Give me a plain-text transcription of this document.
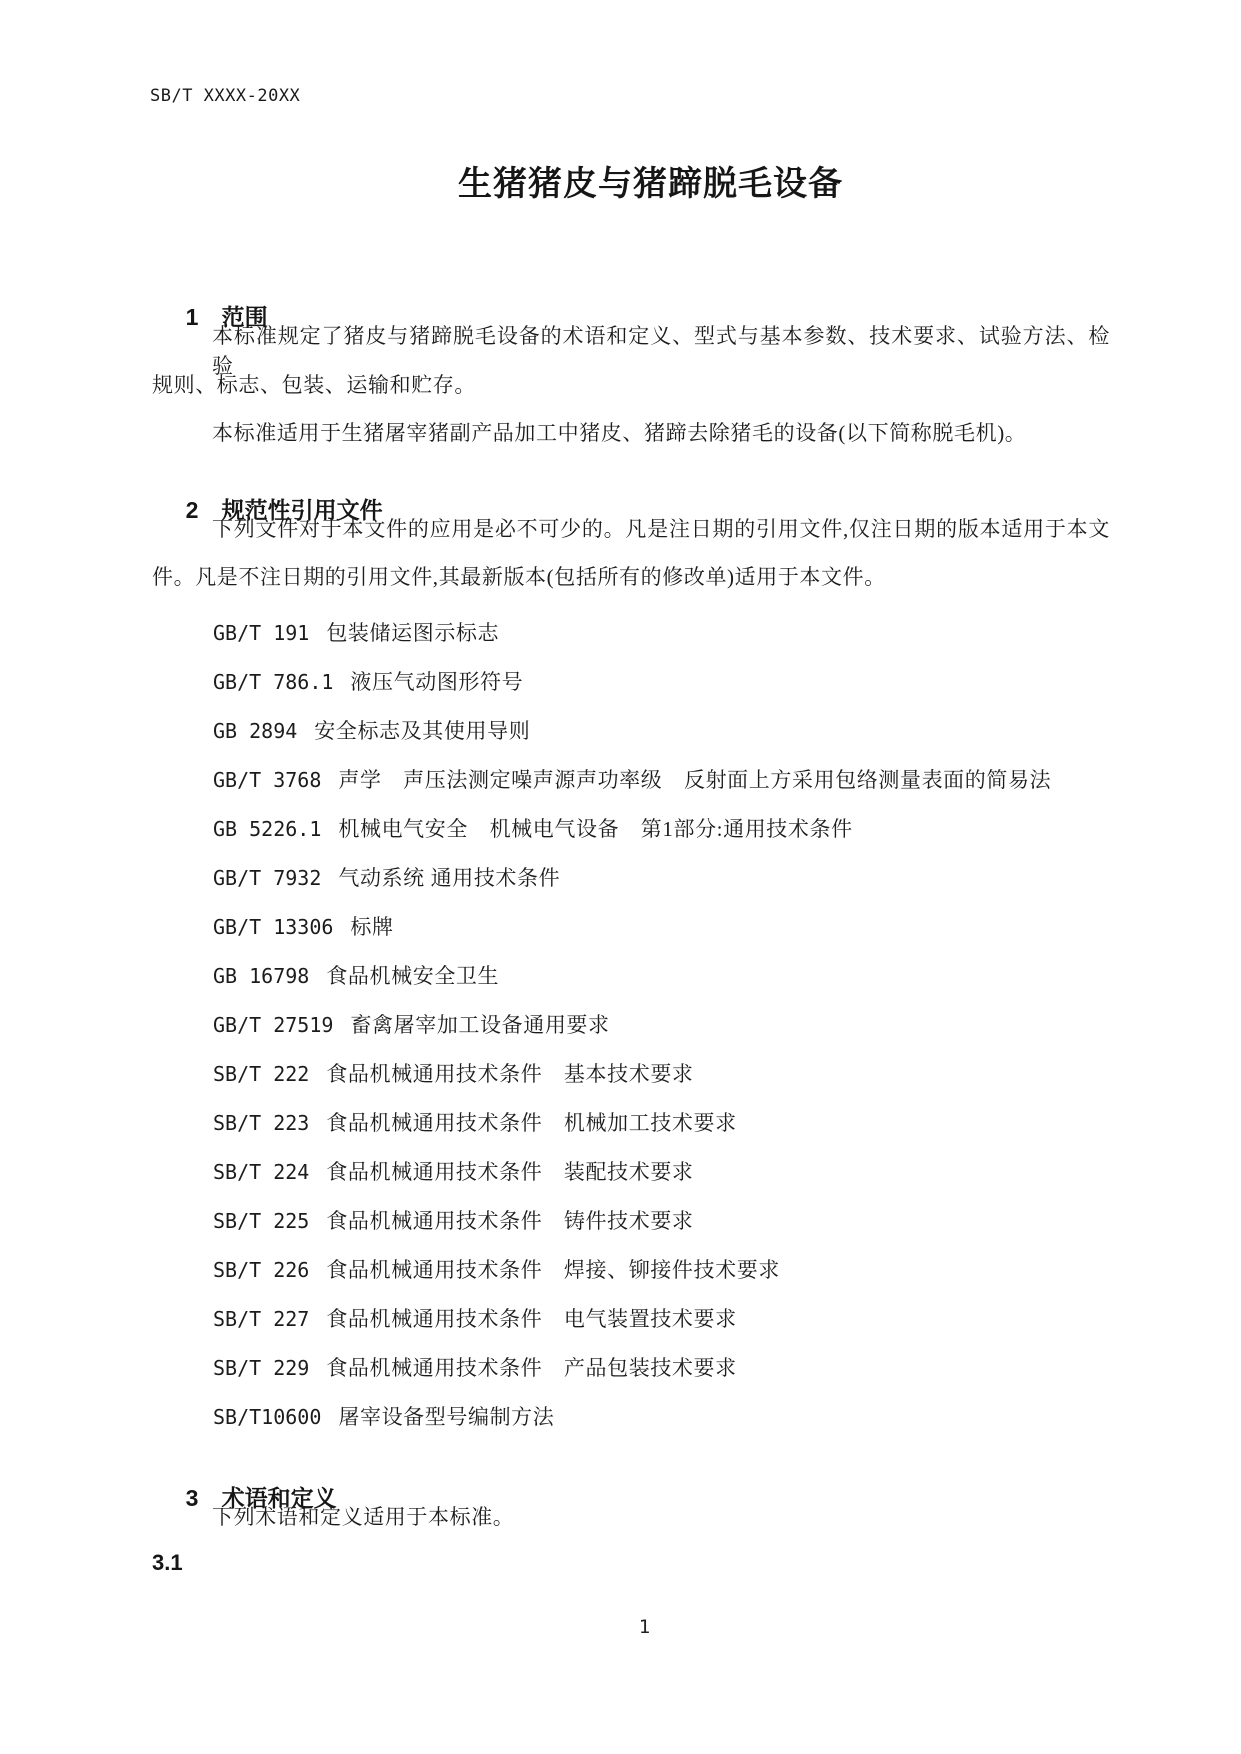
SB/T XXXX-20XX
生猪猪皮与猪蹄脱毛设备

1 范围

本标准规定了猪皮与猪蹄脱毛设备的术语和定义、型式与基本参数、技术要求、试验方法、检验
规则、标志、包装、运输和贮存。
本标准适用于生猪屠宰猪副产品加工中猪皮、猪蹄去除猪毛的设备(以下简称脱毛机)。

2 规范性引用文件

下列文件对于本文件的应用是必不可少的。凡是注日期的引用文件,仅注日期的版本适用于本文
件。凡是不注日期的引用文件,其最新版本(包括所有的修改单)适用于本文件。
GB/T 191 包装储运图示标志
GB/T 786.1 液压气动图形符号
GB 2894 安全标志及其使用导则
GB/T 3768 声学　声压法测定噪声源声功率级　反射面上方采用包络测量表面的简易法
GB 5226.1 机械电气安全　机械电气设备　第1部分:通用技术条件
GB/T 7932 气动系统 通用技术条件
GB/T 13306 标牌
GB 16798 食品机械安全卫生
GB/T 27519 畜禽屠宰加工设备通用要求
SB/T 222 食品机械通用技术条件　基本技术要求
SB/T 223 食品机械通用技术条件　机械加工技术要求
SB/T 224 食品机械通用技术条件　装配技术要求
SB/T 225 食品机械通用技术条件　铸件技术要求
SB/T 226 食品机械通用技术条件　焊接、铆接件技术要求
SB/T 227 食品机械通用技术条件　电气装置技术要求
SB/T 229 食品机械通用技术条件　产品包装技术要求
SB/T10600 屠宰设备型号编制方法

3 术语和定义

下列术语和定义适用于本标准。
3.1
1
